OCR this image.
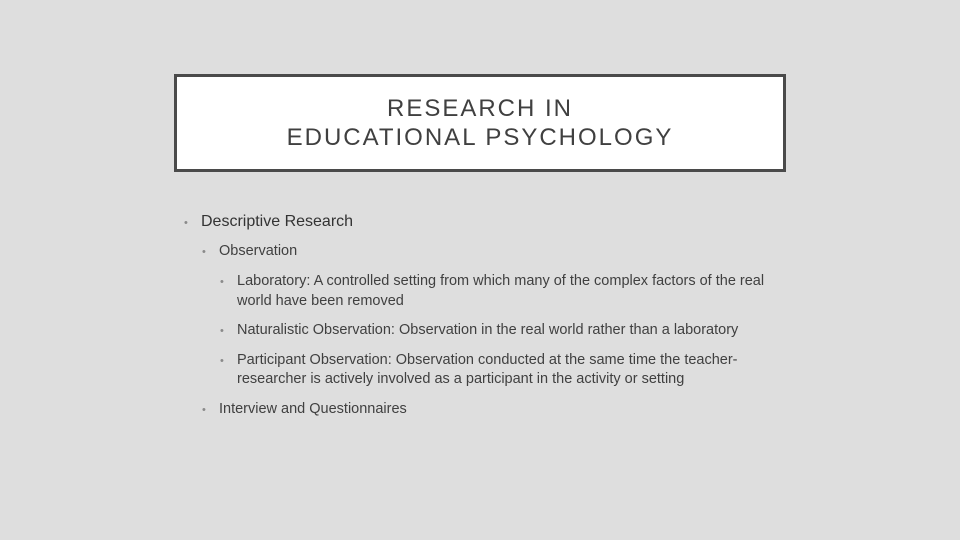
RESEARCH IN
EDUCATIONAL PSYCHOLOGY
• Descriptive Research
• Observation
• Laboratory: A controlled setting from which many of the complex factors of the real world have been removed
• Naturalistic Observation: Observation in the real world rather than a laboratory
• Participant Observation: Observation conducted at the same time the teacher-researcher is actively involved as a participant in the activity or setting
• Interview and Questionnaires
